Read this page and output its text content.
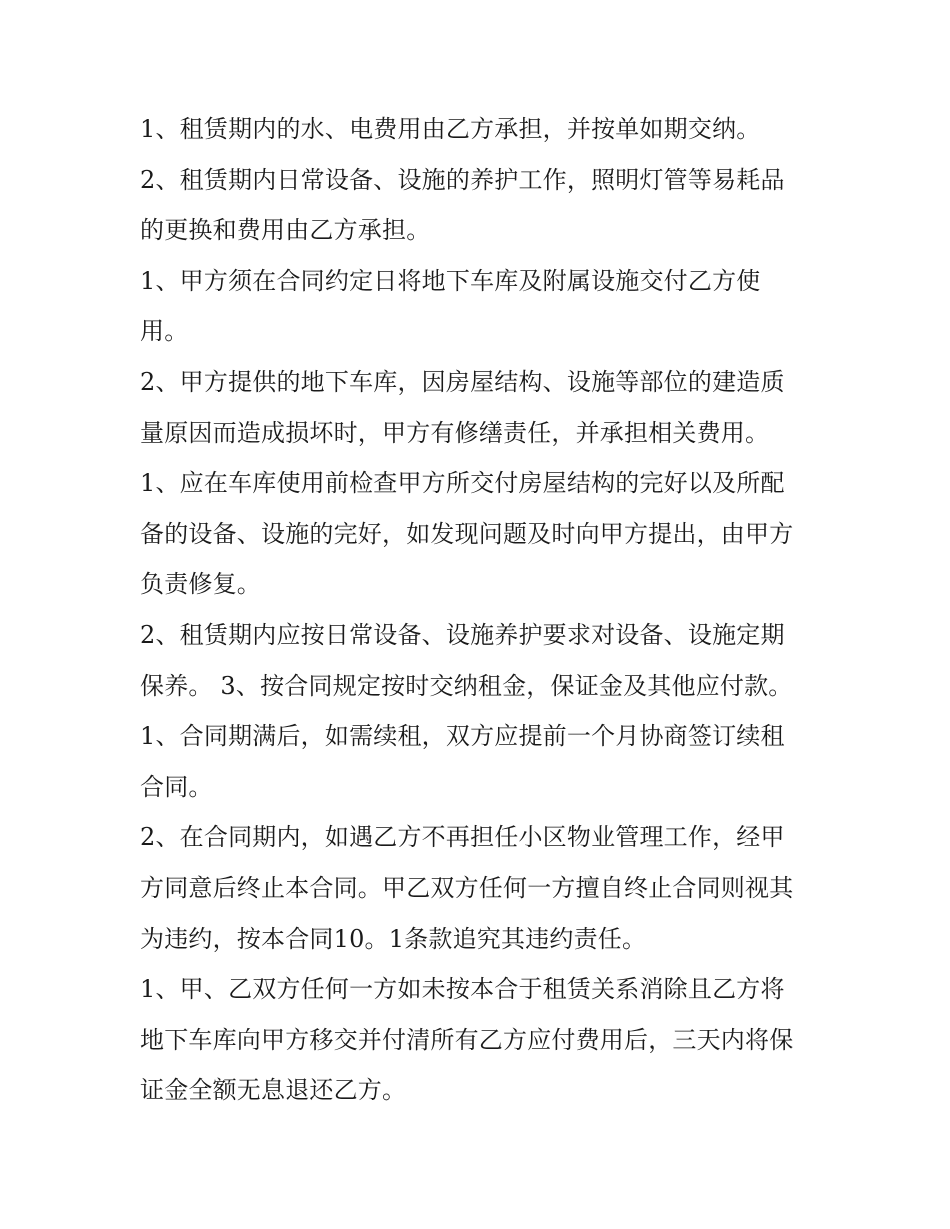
1、租赁期内的水、电费用由乙方承担，并按单如期交纳。

2、租赁期内日常设备、设施的养护工作，照明灯管等易耗品
的更换和费用由乙方承担。

1、甲方须在合同约定日将地下车库及附属设施交付乙方使
用。

2、甲方提供的地下车库，因房屋结构、设施等部位的建造质
量原因而造成损坏时，甲方有修缮责任，并承担相关费用。

1、应在车库使用前检查甲方所交付房屋结构的完好以及所配
备的设备、设施的完好，如发现问题及时向甲方提出，由甲方
负责修复。

2、租赁期内应按日常设备、设施养护要求对设备、设施定期
保养。 3、按合同规定按时交纳租金，保证金及其他应付款。

1、合同期满后，如需续租，双方应提前一个月协商签订续租
合同。

2、在合同期内，如遇乙方不再担任小区物业管理工作，经甲
方同意后终止本合同。甲乙双方任何一方擅自终止合同则视其
为违约，按本合同10。1条款追究其违约责任。

1、甲、乙双方任何一方如未按本合于租赁关系消除且乙方将
地下车库向甲方移交并付清所有乙方应付费用后，三天内将保
证金全额无息退还乙方。
